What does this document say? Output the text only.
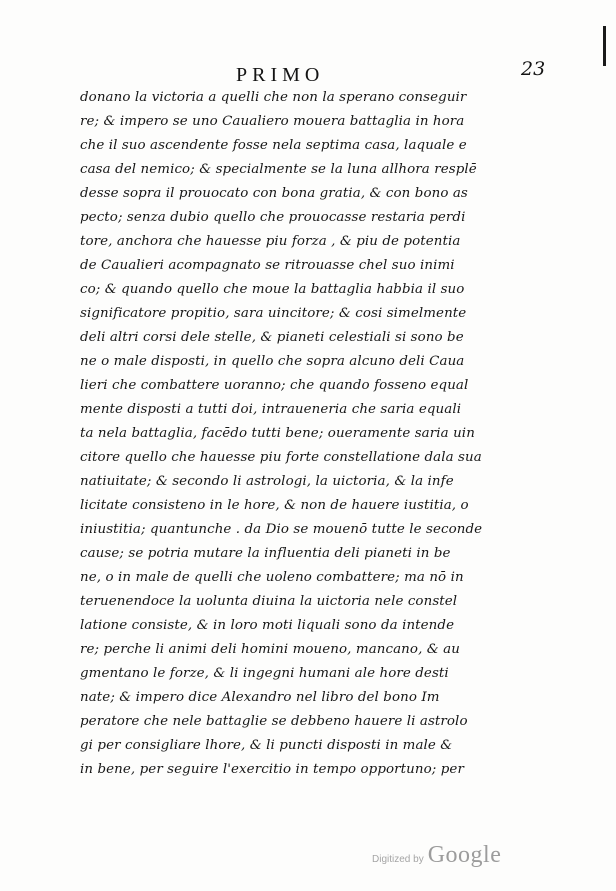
PRIMO	23
donano la victoria a quelli che non la sperano conseguir
re; & impero se uno Caualiero mouera battaglia in hora
che il suo ascendente fosse nela septima casa, laquale e
casa del nemico; & specialmente se la luna allhora resplē
desse sopra il prouocato con bona gratia, & con bono as
pecto; senza dubio quello che prouocasse restaria perdi
tore, anchora che hauesse piu forza , & piu de potentia
de Caualieri acompagnato se ritrouasse chel suo inimi
co; & quando quello che moue la battaglia habbia il suo
significatore propitio, sara uincitore; & cosi simelmente
deli altri corsi dele stelle, & pianeti celestiali si sono be
ne o male disposti, in quello che sopra alcuno deli Caua
lieri che combattere uoranno; che quando fosseno equal
mente disposti a tutti doi, intraueneria che saria equali
ta nela battaglia, facēdo tutti bene; oueramente saria uin
citore quello che hauesse piu forte constellatione dala sua
natiuitate; & secondo li astrologi, la uictoria, & la infe
licitate consisteno in le hore, & non de hauere iustitia, o
iniustitia; quantunche . da Dio se mouenō tutte le seconde
cause; se potria mutare la influentia deli pianeti in be
ne, o in male de quelli che uoleno combattere; ma nō in
teruenendoce la uolunta diuina la uictoria nele constel
latione consiste, & in loro moti liquali sono da intende
re; perche li animi deli homini moueno, mancano, & au
gmentano le forze, & li ingegni humani ale hore desti
nate; & impero dice Alexandro nel libro del bono Im
peratore che nele battaglie se debbeno hauere li astrolo
gi per consigliare lhore, & li puncti disposti in male &
in bene, per seguire l'exercitio in tempo opportuno; per
Digitized by Google
